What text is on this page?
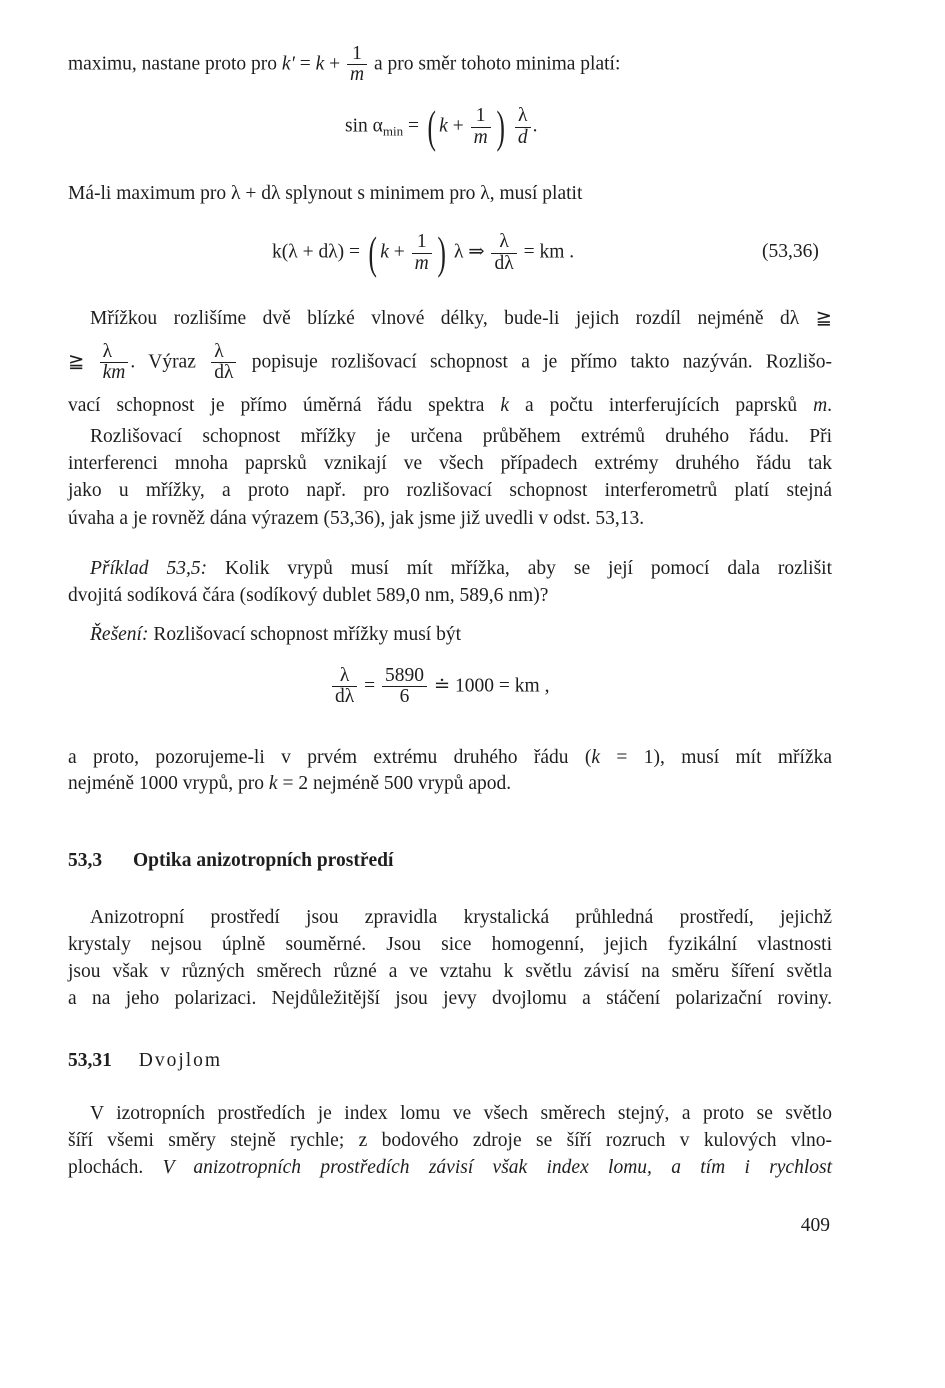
maximu, nastane proto pro $k' = k + \frac{1}{m}$ a pro směr tohoto minima platí:
$\sin \alpha_{min}$ = ( $k + \frac{1}{m}$ ) $\frac{\lambda}{d}$ .
Má-li maximum pro λ + dλ splynout s minimem pro λ, musí platit
k(λ + dλ) = ( $k + \frac{1}{m}$ ) λ ⇒ $\frac{\lambda}{d\lambda}$ = km .	(53,36)
Mřížkou rozlišíme dvě blízké vlnové délky, bude-li jejich rozdíl nejméně dλ ≧
≧ $\frac{\lambda}{km}$ . Výraz $\frac{\lambda}{d\lambda}$ popisuje rozlišovací schopnost a je přímo takto nazýván. Rozlišo-
vací schopnost je přímo úměrná řádu spektra k a počtu interferujících paprsků m.
Rozlišovací schopnost mřížky je určena průběhem extrémů druhého řádu. Při
interferenci mnoha paprsků vznikají ve všech případech extrémy druhého řádu tak
jako u mřížky, a proto např. pro rozlišovací schopnost interferometrů platí stejná
úvaha a je rovněž dána výrazem (53,36), jak jsme již uvedli v odst. 53,13.
Příklad 53,5: Kolik vrypů musí mít mřížka, aby se její pomocí dala rozlišit
dvojitá sodíková čára (sodíkový dublet 589,0 nm, 589,6 nm)?
Řešení: Rozlišovací schopnost mřížky musí být
$\frac{\lambda}{d\lambda} = \frac{5890}{6}$ ≐ 1000 = km ,
a proto, pozorujeme-li v prvém extrému druhého řádu (k = 1), musí mít mřížka
nejméně 1000 vrypů, pro k = 2 nejméně 500 vrypů apod.
53,3 Optika anizotropních prostředí
Anizotropní prostředí jsou zpravidla krystalická průhledná prostředí, jejichž
krystaly nejsou úplně souměrné. Jsou sice homogenní, jejich fyzikální vlastnosti
jsou však v různých směrech různé a ve vztahu k světlu závisí na směru šíření světla
a na jeho polarizaci. Nejdůležitější jsou jevy dvojlomu a stáčení polarizační roviny.
53,31 Dvojlom
V izotropních prostředích je index lomu ve všech směrech stejný, a proto se světlo
šíří všemi směry stejně rychle; z bodového zdroje se šíří rozruch v kulových vlno-
plochách. V anizotropních prostředích závisí však index lomu, a tím i rychlost
409
